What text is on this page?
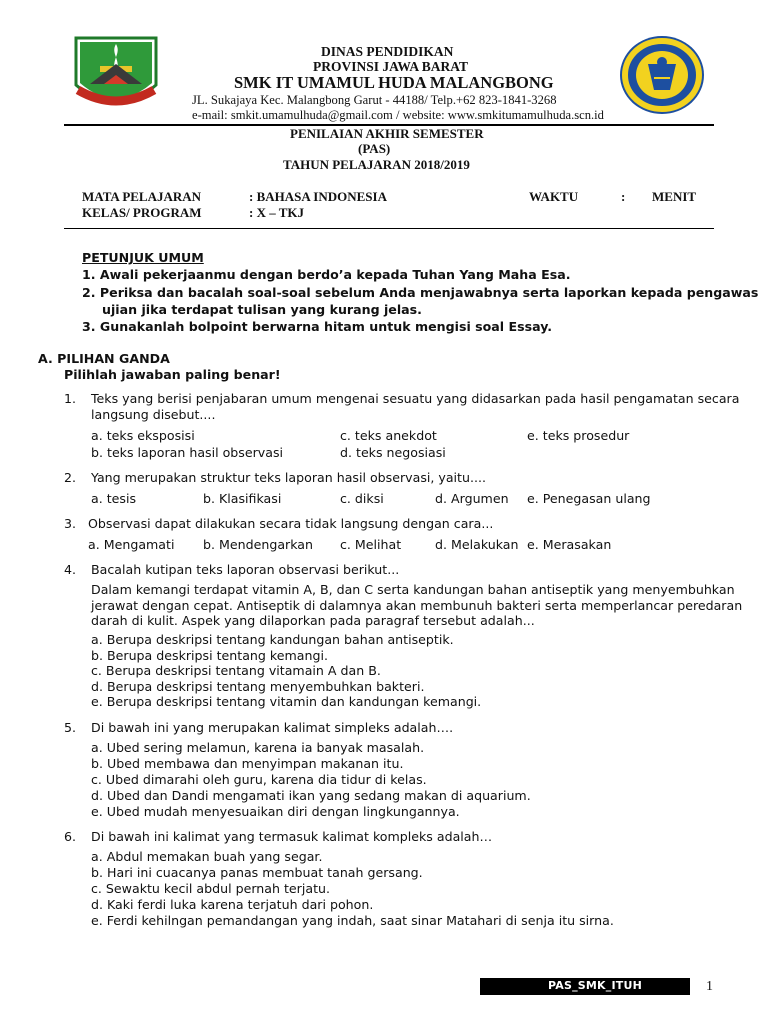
DINAS PENDIDIKAN
PROVINSI JAWA BARAT
SMK IT UMAMUL HUDA MALANGBONG
JL. Sukajaya Kec. Malangbong Garut - 44188/ Telp.+62 823-1841-3268
e-mail: smkit.umamulhuda@gmail.com / website: www.smkitumamulhuda.scn.id
PENILAIAN AKHIR SEMESTER
(PAS)
TAHUN PELAJARAN 2018/2019
MATA PELAJARAN	: BAHASA INDONESIA	WAKTU	: MENIT
KELAS/ PROGRAM	: X – TKJ
PETUNJUK UMUM
1. Awali pekerjaanmu dengan berdo’a kepada Tuhan Yang Maha Esa.
2. Periksa dan bacalah soal-soal sebelum Anda menjawabnya serta laporkan kepada pengawas
ujian jika terdapat tulisan yang kurang jelas.
3. Gunakanlah bolpoint berwarna hitam untuk mengisi soal Essay.
A. PILIHAN GANDA
Pilihlah jawaban paling benar!
1. Teks yang berisi penjabaran umum mengenai sesuatu yang didasarkan pada hasil pengamatan secara
langsung disebut....
a. teks eksposisi	c. teks anekdot	e. teks prosedur
b. teks laporan hasil observasi	d. teks negosiasi
2. Yang merupakan struktur teks laporan hasil observasi, yaitu....
a. tesis	b. Klasifikasi	c. diksi	d. Argumen e. Penegasan ulang
3. Observasi dapat dilakukan secara tidak langsung dengan cara...
a. Mengamati b. Mendengarkan c. Melihat	d. Melakukan e. Merasakan
4. Bacalah kutipan teks laporan observasi berikut...
Dalam kemangi terdapat vitamin A, B, dan C serta kandungan bahan antiseptik yang menyembuhkan
jerawat dengan cepat. Antiseptik di dalamnya akan membunuh bakteri serta memperlancar peredaran
darah di kulit. Aspek yang dilaporkan pada paragraf tersebut adalah...
a. Berupa deskripsi tentang kandungan bahan antiseptik.
b. Berupa deskripsi tentang kemangi.
c. Berupa deskripsi tentang vitamain A dan B.
d. Berupa deskripsi tentang menyembuhkan bakteri.
e. Berupa deskripsi tentang vitamin dan kandungan kemangi.
5. Di bawah ini yang merupakan kalimat simpleks adalah….
a. Ubed sering melamun, karena ia banyak masalah.
b. Ubed membawa dan menyimpan makanan itu.
c. Ubed dimarahi oleh guru, karena dia tidur di kelas.
d. Ubed dan Dandi mengamati ikan yang sedang makan di aquarium.
e. Ubed mudah menyesuaikan diri dengan lingkungannya.
6. Di bawah ini kalimat yang termasuk kalimat kompleks adalah…
a. Abdul memakan buah yang segar.
b. Hari ini cuacanya panas membuat tanah gersang.
c. Sewaktu kecil abdul pernah terjatu.
d. Kaki ferdi luka karena terjatuh dari pohon.
e. Ferdi kehilngan pemandangan yang indah, saat sinar Matahari di senja itu sirna.
PAS_SMK_ITUH	1
